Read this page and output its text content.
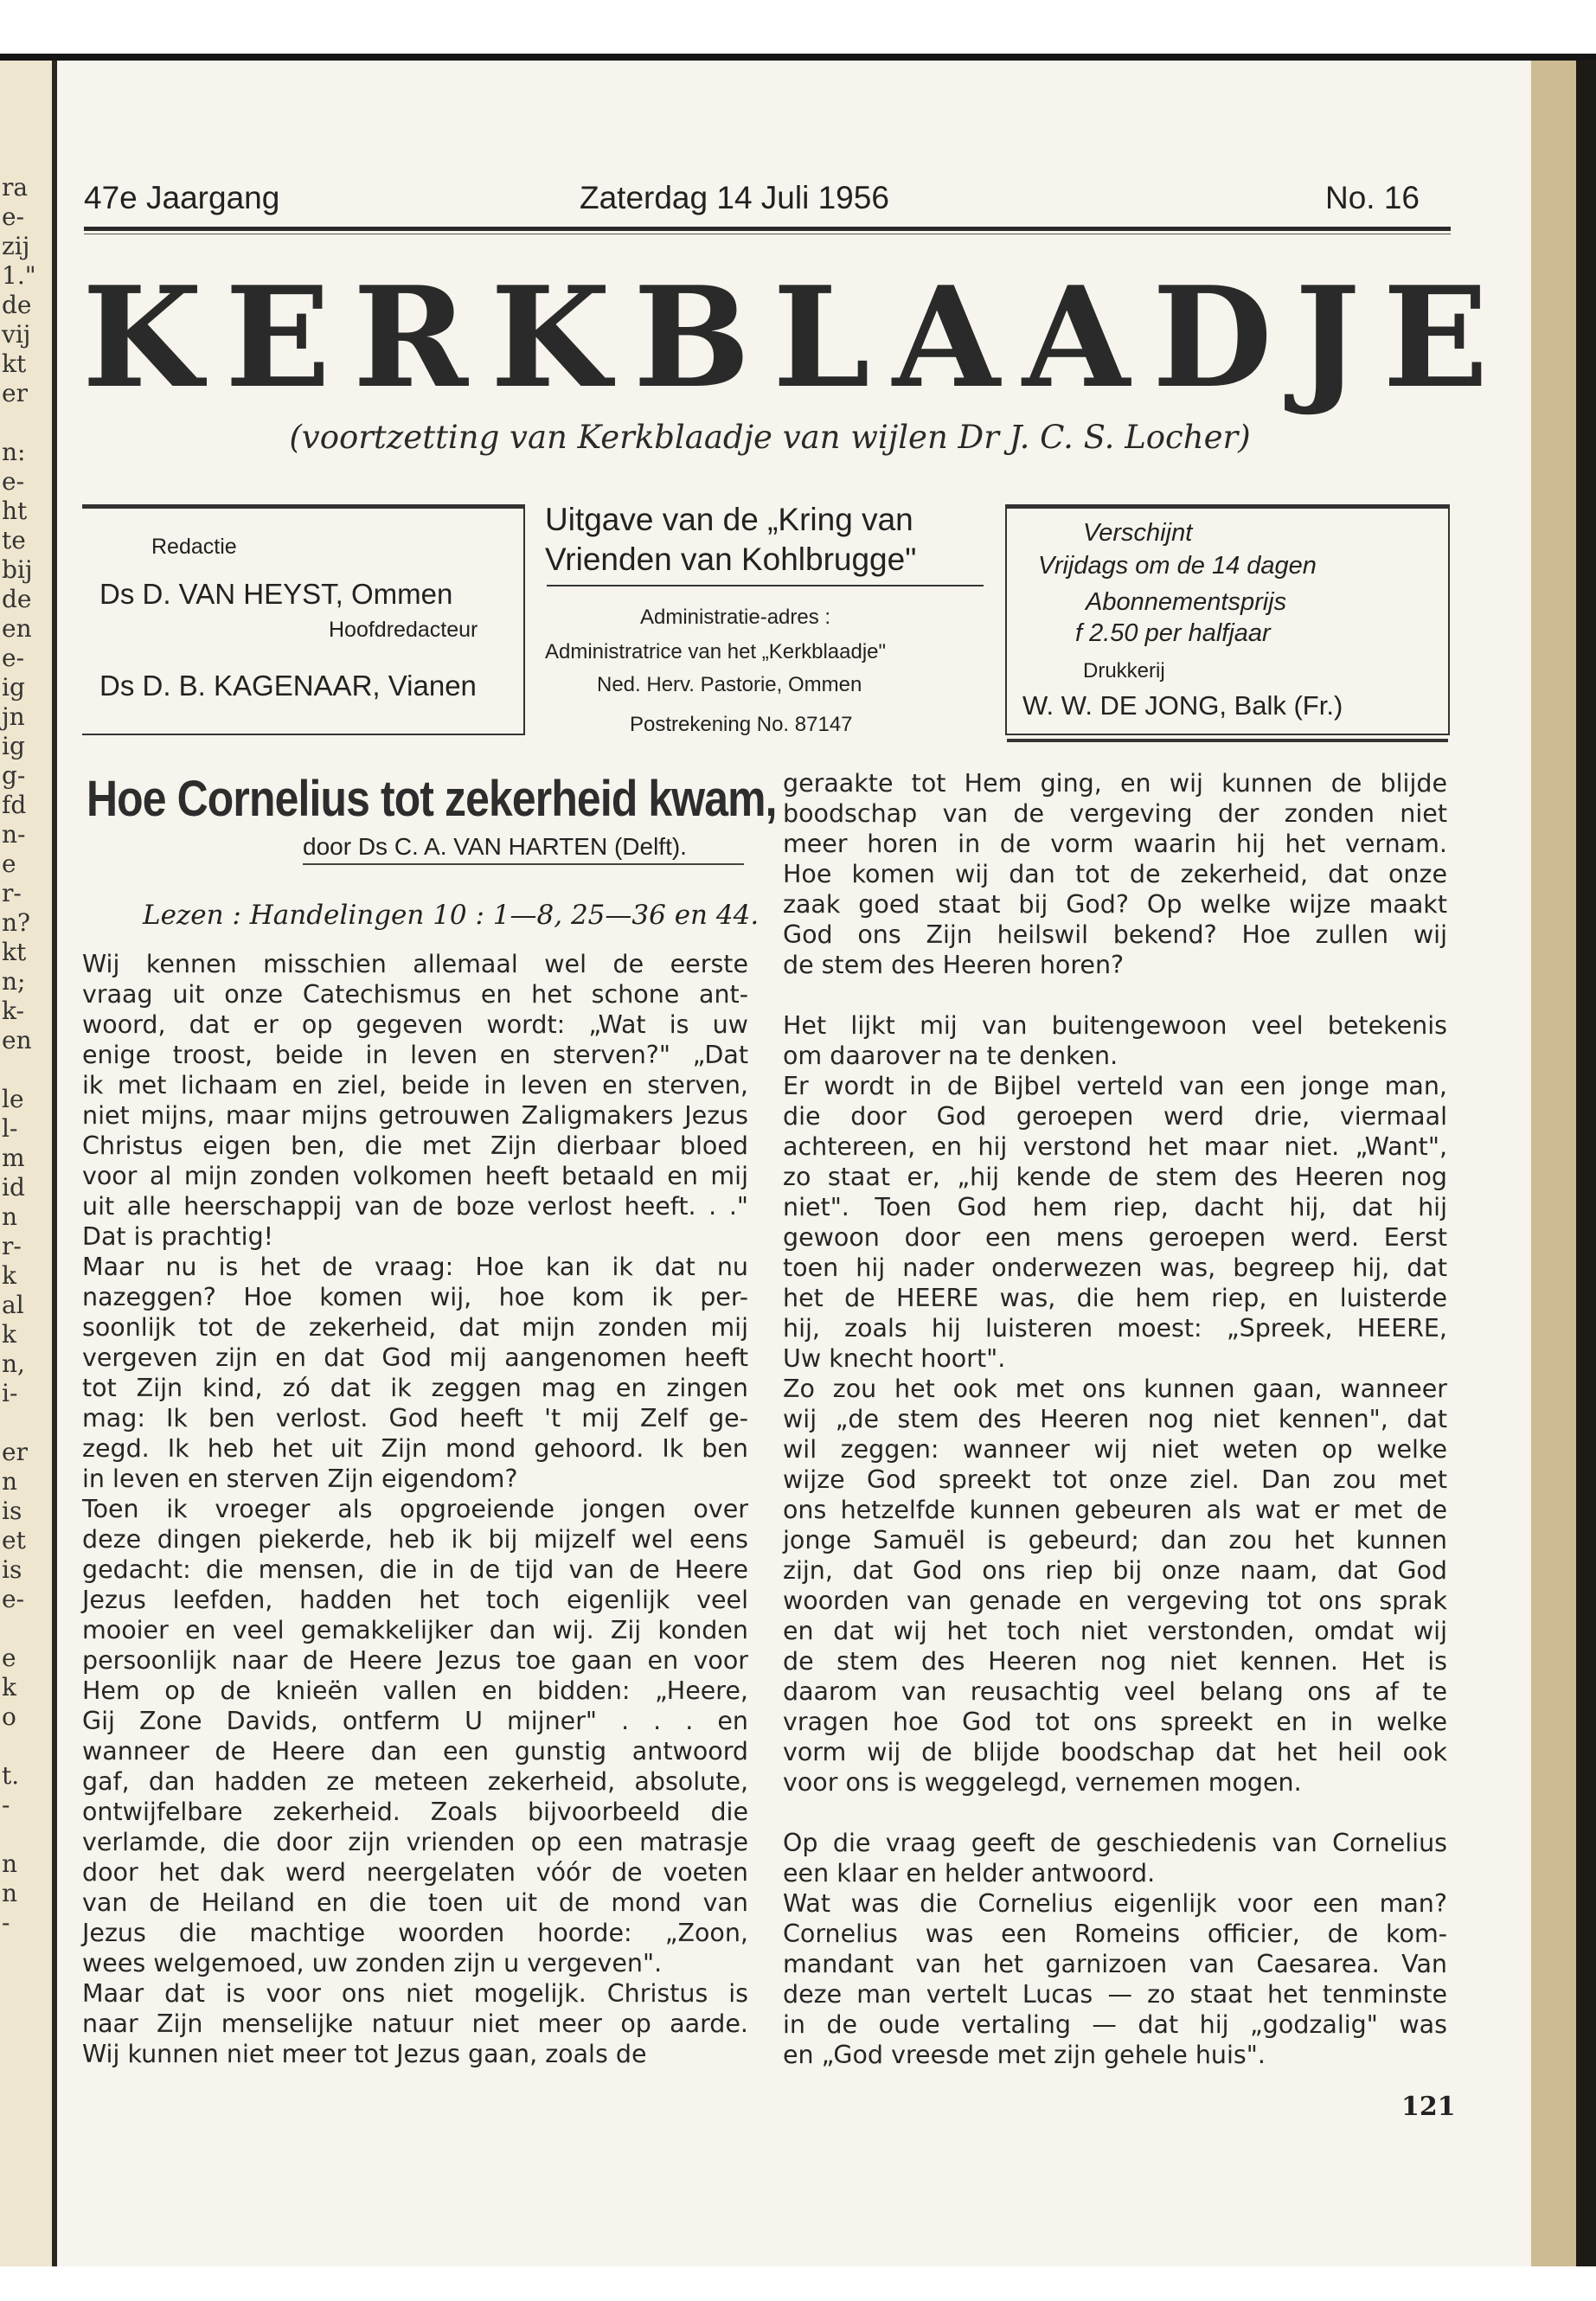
ra
e-
zij
1."
de
vij
kt
er

n:
e-
ht
te
bij
de
en
e-
ig
jn
ig
g-
fd
n-
e
r-
n?
kt
n;
k-
en

le
l-
m
id
n
r-
k
al
k
n,
i-

er
n
is
et
is
e-

e
k
o

t.
-

n
n
-
47e Jaargang	Zaterdag 14 Juli 1956	No. 16
KERKBLAADJE
(voortzetting van Kerkblaadje van wijlen Dr J. C. S. Locher)
Redactie
Ds D. VAN HEYST, Ommen
Hoofdredacteur
Ds D. B. KAGENAAR, Vianen
Uitgave van de „Kring van
Vrienden van Kohlbrugge"
Administratie-adres :
Administratrice van het „Kerkblaadje"
Ned. Herv. Pastorie, Ommen
Postrekening No. 87147
Verschijnt
Vrijdags om de 14 dagen
Abonnementsprijs
f 2.50 per halfjaar
Drukkerij
W. W. DE JONG, Balk (Fr.)
Hoe Cornelius tot zekerheid kwam,
door Ds C. A. VAN HARTEN (Delft).
Lezen : Handelingen 10 : 1—8, 25—36 en 44.

Wij kennen misschien allemaal wel de eerste

vraag uit onze Catechismus en het schone ant-

woord, dat er op gegeven wordt: „Wat is uw

enige troost, beide in leven en sterven?" „Dat

ik met lichaam en ziel, beide in leven en sterven,

niet mijns, maar mijns getrouwen Zaligmakers Jezus

Christus eigen ben, die met Zijn dierbaar bloed

voor al mijn zonden volkomen heeft betaald en mij

uit alle heerschappij van de boze verlost heeft. . ."

Dat is prachtig!

Maar nu is het de vraag: Hoe kan ik dat nu

nazeggen? Hoe komen wij, hoe kom ik per-

soonlijk tot de zekerheid, dat mijn zonden mij

vergeven zijn en dat God mij aangenomen heeft

tot Zijn kind, zó dat ik zeggen mag en zingen

mag: Ik ben verlost. God heeft 't mij Zelf ge-

zegd. Ik heb het uit Zijn mond gehoord. Ik ben

in leven en sterven Zijn eigendom?

Toen ik vroeger als opgroeiende jongen over

deze dingen piekerde, heb ik bij mijzelf wel eens

gedacht: die mensen, die in de tijd van de Heere

Jezus leefden, hadden het toch eigenlijk veel

mooier en veel gemakkelijker dan wij. Zij konden

persoonlijk naar de Heere Jezus toe gaan en voor

Hem op de knieën vallen en bidden: „Heere,

Gij Zone Davids, ontferm U mijner" . . . en

wanneer de Heere dan een gunstig antwoord

gaf, dan hadden ze meteen zekerheid, absolute,

ontwijfelbare zekerheid. Zoals bijvoorbeeld die

verlamde, die door zijn vrienden op een matrasje

door het dak werd neergelaten vóór de voeten

van de Heiland en die toen uit de mond van

Jezus die machtige woorden hoorde: „Zoon,

wees welgemoed, uw zonden zijn u vergeven".

Maar dat is voor ons niet mogelijk. Christus is

naar Zijn menselijke natuur niet meer op aarde.

Wij kunnen niet meer tot Jezus gaan, zoals de

geraakte tot Hem ging, en wij kunnen de blijde

boodschap van de vergeving der zonden niet

meer horen in de vorm waarin hij het vernam.

Hoe komen wij dan tot de zekerheid, dat onze

zaak goed staat bij God? Op welke wijze maakt

God ons Zijn heilswil bekend? Hoe zullen wij

de stem des Heeren horen?

Het lijkt mij van buitengewoon veel betekenis

om daarover na te denken.

Er wordt in de Bijbel verteld van een jonge man,

die door God geroepen werd drie, viermaal

achtereen, en hij verstond het maar niet. „Want",

zo staat er, „hij kende de stem des Heeren nog

niet". Toen God hem riep, dacht hij, dat hij

gewoon door een mens geroepen werd. Eerst

toen hij nader onderwezen was, begreep hij, dat

het de HEERE was, die hem riep, en luisterde

hij, zoals hij luisteren moest: „Spreek, HEERE,

Uw knecht hoort".

Zo zou het ook met ons kunnen gaan, wanneer

wij „de stem des Heeren nog niet kennen", dat

wil zeggen: wanneer wij niet weten op welke

wijze God spreekt tot onze ziel. Dan zou met

ons hetzelfde kunnen gebeuren als wat er met de

jonge Samuël is gebeurd; dan zou het kunnen

zijn, dat God ons riep bij onze naam, dat God

woorden van genade en vergeving tot ons sprak

en dat wij het toch niet verstonden, omdat wij

de stem des Heeren nog niet kennen. Het is

daarom van reusachtig veel belang ons af te

vragen hoe God tot ons spreekt en in welke

vorm wij de blijde boodschap dat het heil ook

voor ons is weggelegd, vernemen mogen.

Op die vraag geeft de geschiedenis van Cornelius

een klaar en helder antwoord.

Wat was die Cornelius eigenlijk voor een man?

Cornelius was een Romeins officier, de kom-

mandant van het garnizoen van Caesarea. Van

deze man vertelt Lucas — zo staat het tenminste

in de oude vertaling — dat hij „godzalig" was

en „God vreesde met zijn gehele huis".

121
